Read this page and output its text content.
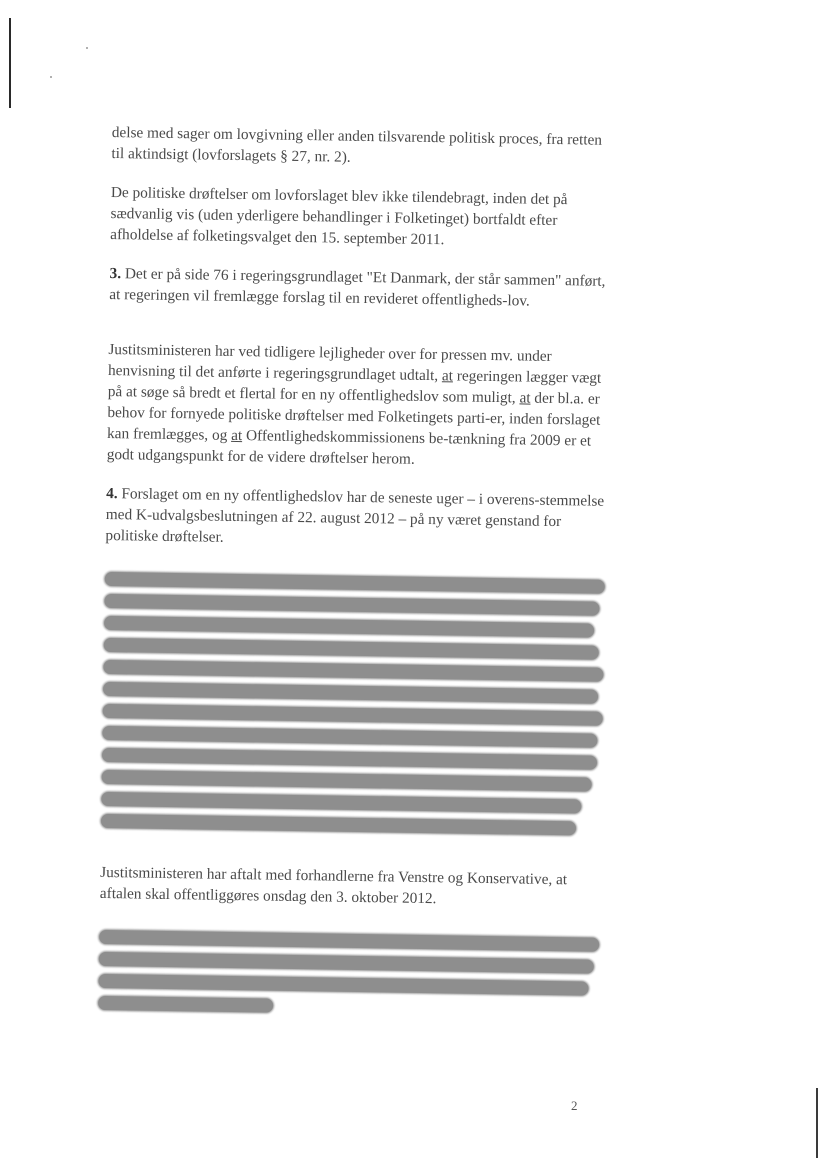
delse med sager om lovgivning eller anden tilsvarende politisk proces, fra retten til aktindsigt (lovforslagets § 27, nr. 2).

De politiske drøftelser om lovforslaget blev ikke tilendebragt, inden det på sædvanlig vis (uden yderligere behandlinger i Folketinget) bortfaldt efter afholdelse af folketingsvalget den 15. september 2011.

3. Det er på side 76 i regeringsgrundlaget "Et Danmark, der står sammen" anført, at regeringen vil fremlægge forslag til en revideret offentligheds-lov.

Justitsministeren har ved tidligere lejligheder over for pressen mv. under henvisning til det anførte i regeringsgrundlaget udtalt, at regeringen lægger vægt på at søge så bredt et flertal for en ny offentlighedslov som muligt, at der bl.a. er behov for fornyede politiske drøftelser med Folketingets parti-er, inden forslaget kan fremlægges, og at Offentlighedskommissionens be-tænkning fra 2009 er et godt udgangspunkt for de videre drøftelser herom.

4. Forslaget om en ny offentlighedslov har de seneste uger – i overens-stemmelse med K-udvalgsbeslutningen af 22. august 2012 – på ny været genstand for politiske drøftelser.

Justitsministeren har aftalt med forhandlerne fra Venstre og Konservative, at aftalen skal offentliggøres onsdag den 3. oktober 2012.

2
